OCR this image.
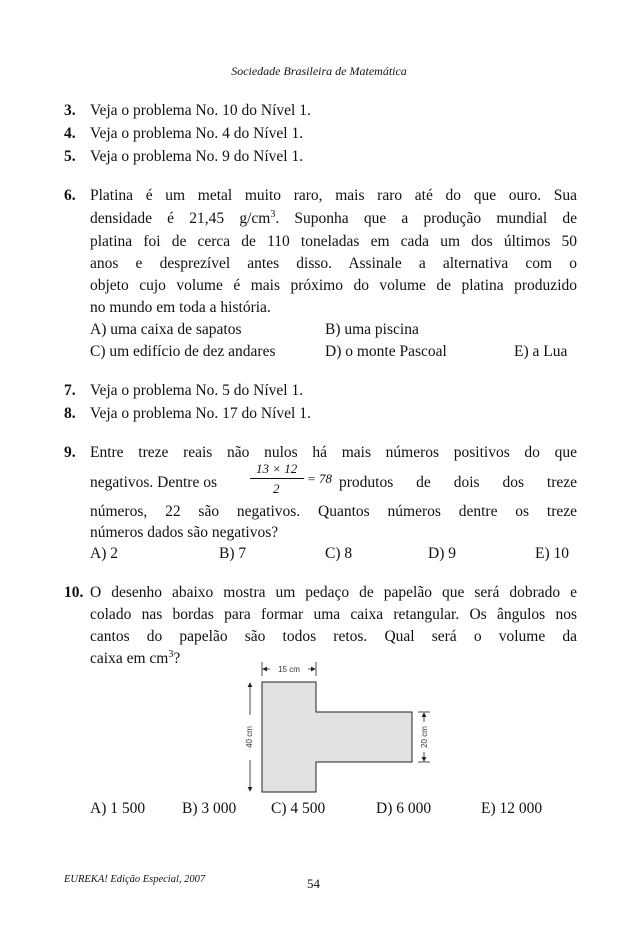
Sociedade Brasileira de Matemática
3. Veja o problema No. 10 do Nível 1.
4. Veja o problema No. 4 do Nível 1.
5. Veja o problema No. 9 do Nível 1.
6. Platina é um metal muito raro, mais raro até do que ouro. Sua
densidade é 21,45 $g/cm^3$. Suponha que a produção mundial de
platina foi de cerca de 110 toneladas em cada um dos últimos 50
anos e desprezível antes disso. Assinale a alternativa com o
objeto cujo volume é mais próximo do volume de platina produzido
no mundo em toda a história.
A) uma caixa de sapatos	B) uma piscina
C) um edifício de dez andares	D) o monte Pascoal	E) a Lua
7. Veja o problema No. 5 do Nível 1.
8. Veja o problema No. 17 do Nível 1.
9. Entre treze reais não nulos há mais números positivos do que
negativos. Dentre os
13 × 12
2
= 78 produtos de dois dos treze
números, 22 são negativos. Quantos números dentre os treze
números dados são negativos?
A) 2	B) 7	C) 8	D) 9	E) 10
10. O desenho abaixo mostra um pedaço de papelão que será dobrado e
colado nas bordas para formar uma caixa retangular. Os ângulos nos
cantos do papelão são todos retos. Qual será o volume da
caixa em $cm^3$?
15 cm
40 cm	20 cm
A) 1 500 B) 3 000 C) 4 500	D) 6 000	E) 12 000
EUREKA! Edição Especial, 2007	54
